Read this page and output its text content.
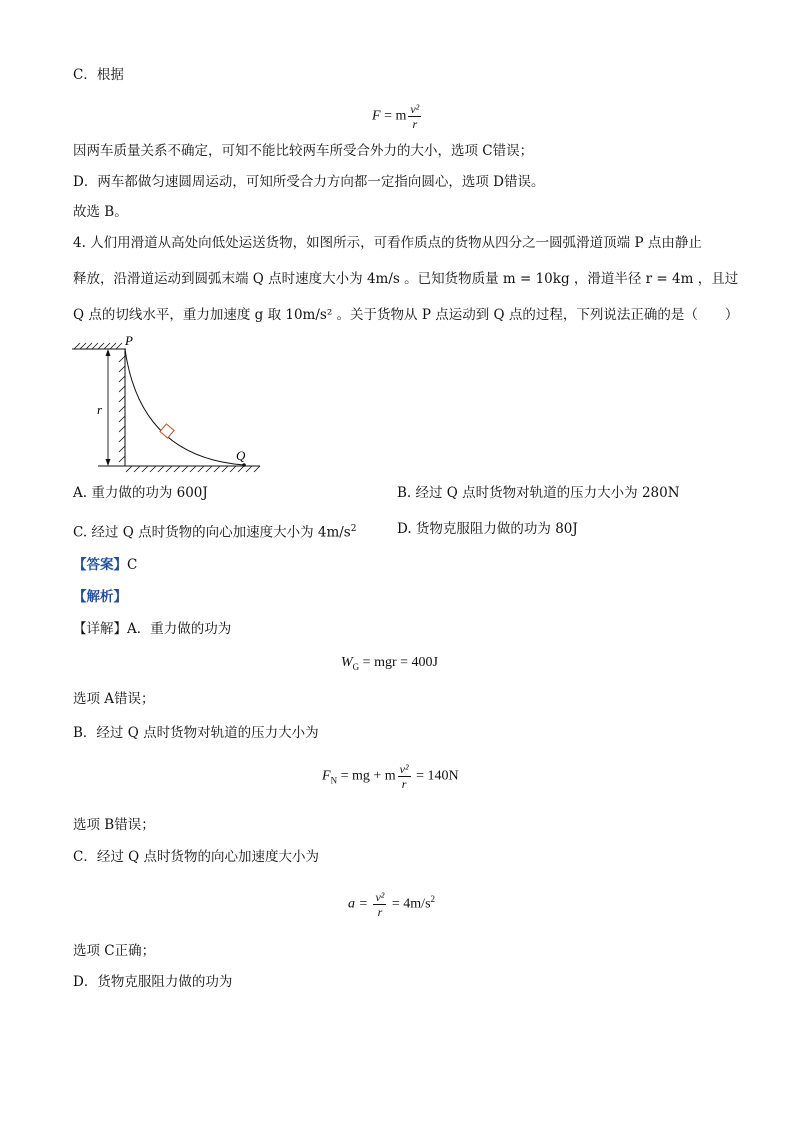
C．根据
F = m $\frac{\text{v²}}{r}$
因两车质量关系不确定，可知不能比较两车所受合外力的大小，选项 C错误；
D．两车都做匀速圆周运动，可知所受合力方向都一定指向圆心，选项 D错误。
故选 B。
4. 人们用滑道从高处向低处运送货物，如图所示，可看作质点的货物从四分之一圆弧滑道顶端 P 点由静止
释放，沿滑道运动到圆弧末端 Q 点时速度大小为 4m/s 。已知货物质量 m = 10kg ，滑道半径 r = 4m ，且过
Q 点的切线水平，重力加速度 g 取 10m/s² 。关于货物从 P 点运动到 Q 点的过程，下列说法正确的是（　　）
r
P
Q
A. 重力做的功为 600J	B. 经过 Q 点时货物对轨道的压力大小为 280N
C. 经过 Q 点时货物的向心加速度大小为 $4m/s^2$	D. 货物克服阻力做的功为 80J
【答案】C
【解析】
【详解】A．重力做的功为
$W_G$ = mgr = 400J
选项 A错误；
B．经过 Q 点时货物对轨道的压力大小为
$F_N$ = mg + m $\frac{\text{v²}}{r} = 140N$
选项 B错误；
C．经过 Q 点时货物的向心加速度大小为
$a = \frac{\text{v²}}{r} = 4m/s^2$
选项 C正确；
D．货物克服阻力做的功为
